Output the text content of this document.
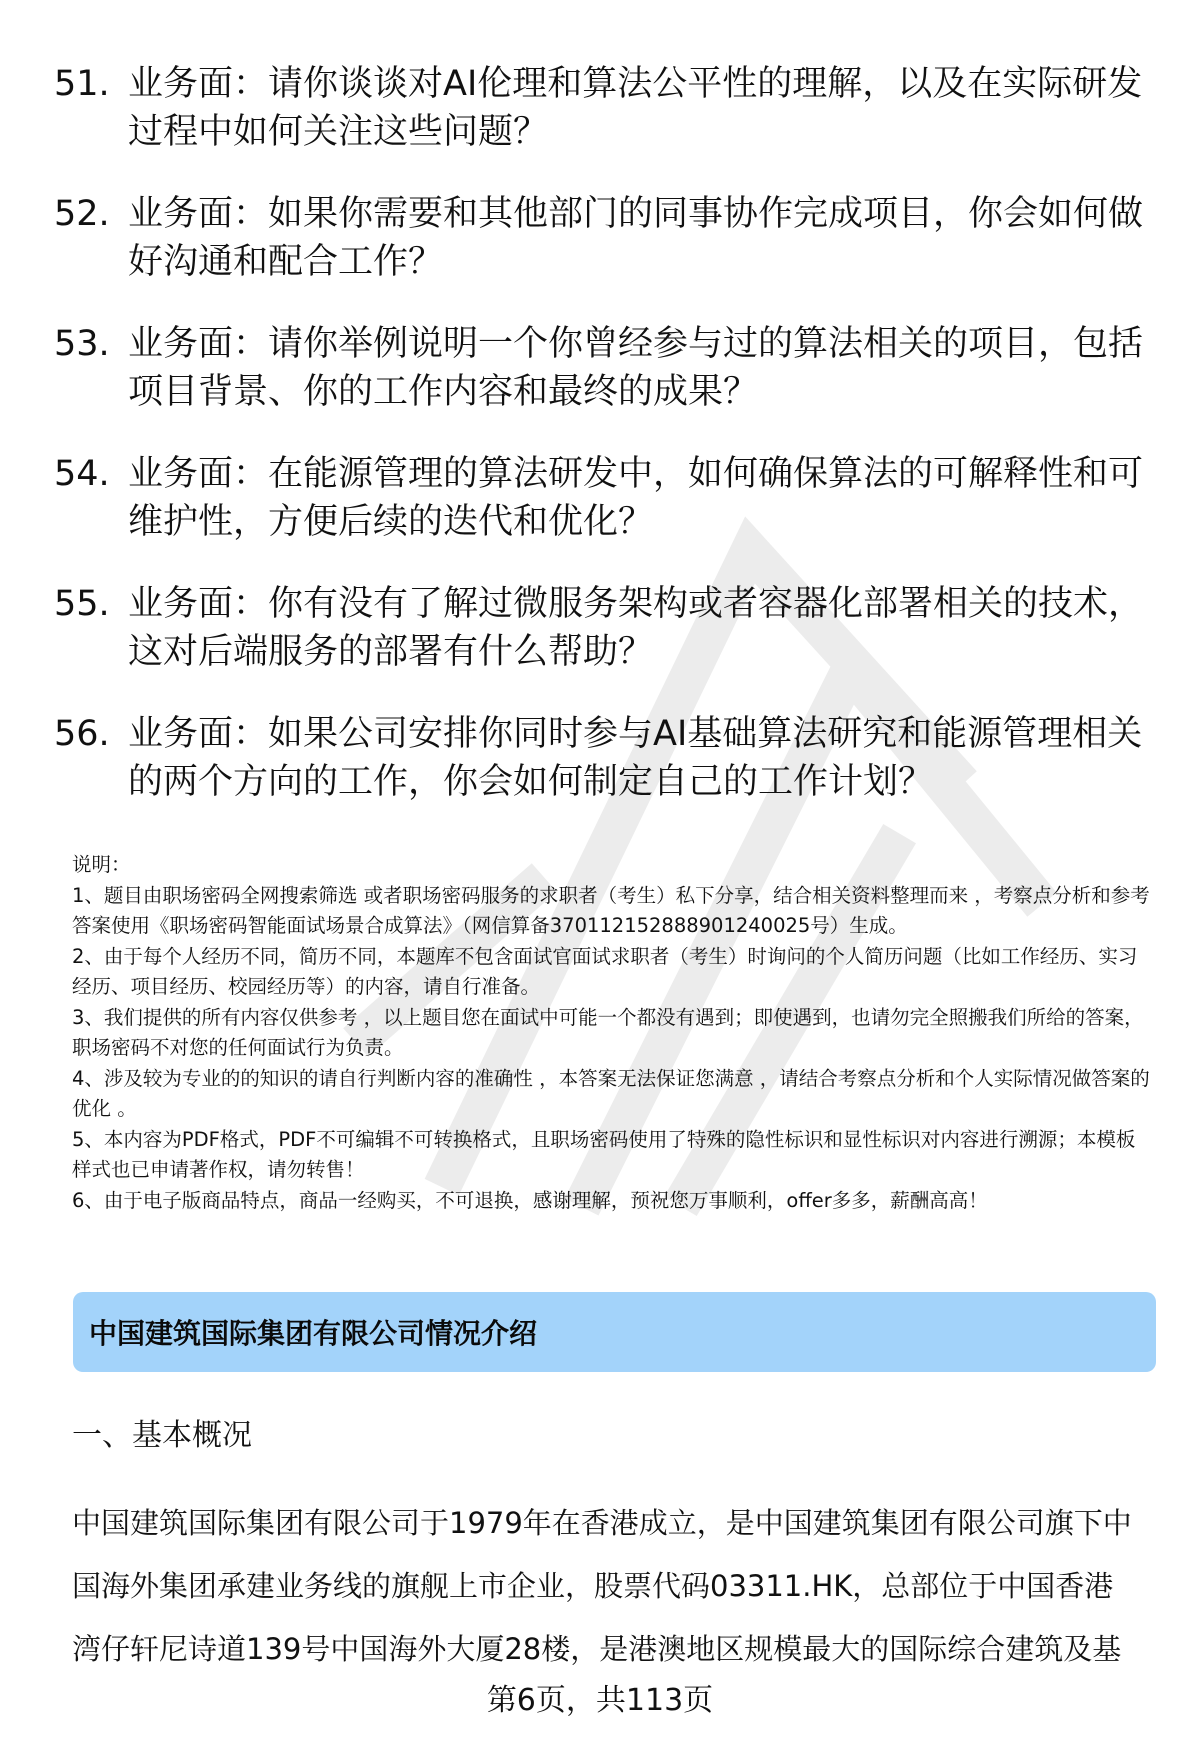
51. 业务面：请你谈谈对AI伦理和算法公平性的理解，以及在实际研发过程中如何关注这些问题？
52. 业务面：如果你需要和其他部门的同事协作完成项目，你会如何做好沟通和配合工作？
53. 业务面：请你举例说明一个你曾经参与过的算法相关的项目，包括项目背景、你的工作内容和最终的成果？
54. 业务面：在能源管理的算法研发中，如何确保算法的可解释性和可维护性，方便后续的迭代和优化？
55. 业务面：你有没有了解过微服务架构或者容器化部署相关的技术，这对后端服务的部署有什么帮助？
56. 业务面：如果公司安排你同时参与AI基础算法研究和能源管理相关的两个方向的工作，你会如何制定自己的工作计划？

说明：

1、题目由职场密码全网搜索筛选 或者职场密码服务的求职者（考生）私下分享，结合相关资料整理而来 ，考察点分析和参考答案使用《职场密码智能面试场景合成算法》（网信算备370112152888901240025号）生成。

2、由于每个人经历不同，简历不同，本题库不包含面试官面试求职者（考生）时询问的个人简历问题（比如工作经历、实习经历、项目经历、校园经历等）的内容，请自行准备。

3、我们提供的所有内容仅供参考 ，以上题目您在面试中可能一个都没有遇到；即使遇到，也请勿完全照搬我们所给的答案，职场密码不对您的任何面试行为负责。

4、涉及较为专业的的知识的请自行判断内容的准确性 ，本答案无法保证您满意 ，请结合考察点分析和个人实际情况做答案的优化 。

5、本内容为PDF格式，PDF不可编辑不可转换格式，且职场密码使用了特殊的隐性标识和显性标识对内容进行溯源；本模板样式也已申请著作权，请勿转售！

6、由于电子版商品特点，商品一经购买，不可退换，感谢理解，预祝您万事顺利，offer多多，薪酬高高！

中国建筑国际集团有限公司情况介绍
一、基本概况

中国建筑国际集团有限公司于1979年在香港成立，是中国建筑集团有限公司旗下中

国海外集团承建业务线的旗舰上市企业，股票代码03311.HK，总部位于中国香港

湾仔轩尼诗道139号中国海外大厦28楼，是港澳地区规模最大的国际综合建筑及基

第6页，共113页
